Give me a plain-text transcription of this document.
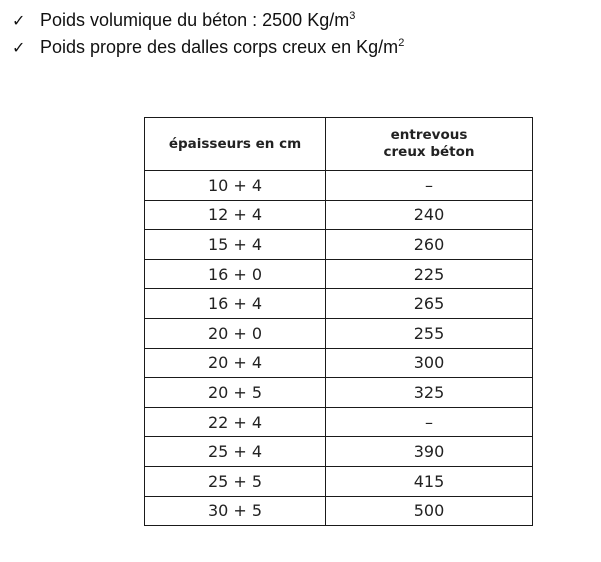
✓ Poids volumique du béton : 2500 $Kg/m^3$
✓ Poids propre des dalles corps creux en $Kg/m^2$
épaisseurs en cm	entrevous creux béton

10 + 4	–
12 + 4	240
15 + 4	260
16 + 0	225
16 + 4	265
20 + 0	255
20 + 4	300
20 + 5	325
22 + 4	–
25 + 4	390
25 + 5	415
30 + 5	500
